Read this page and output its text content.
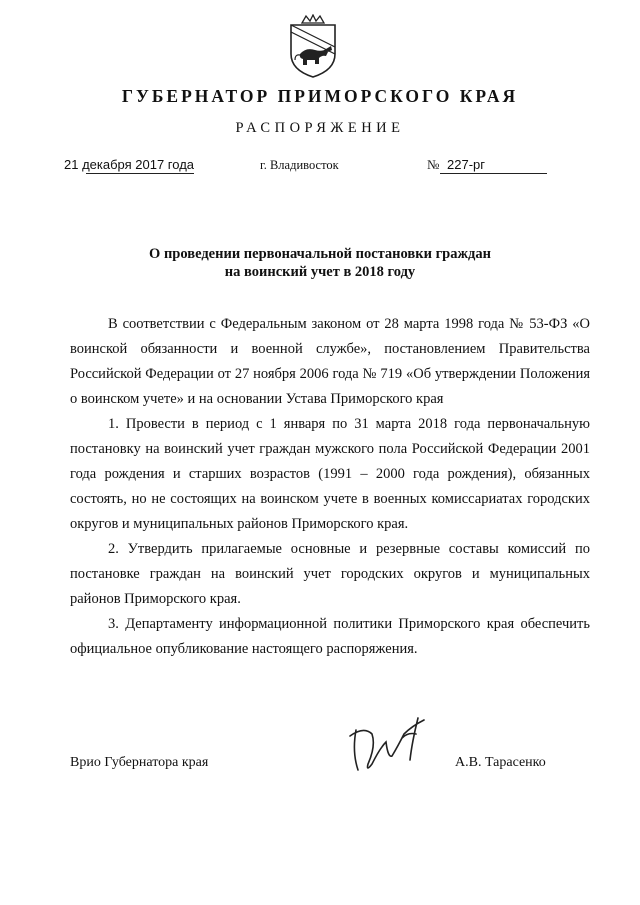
ГУБЕРНАТОР ПРИМОРСКОГО КРАЯ
РАСПОРЯЖЕНИЕ
21 декабря 2017 года	г. Владивосток	№ 227-рг
О проведении первоначальной постановки граждан
на воинский учет в 2018 году

В соответствии с Федеральным законом от 28 марта 1998 года № 53-ФЗ «О воинской обязанности и военной службе», постановлением Правительства Российской Федерации от 27 ноября 2006 года № 719 «Об утверждении Положения о воинском учете» и на основании Устава Приморского края

1. Провести в период с 1 января по 31 марта 2018 года первоначальную постановку на воинский учет граждан мужского пола Российской Федерации 2001 года рождения и старших возрастов (1991 – 2000 года рождения), обязанных состоять, но не состоящих на воинском учете в военных комиссариатах городских округов и муниципальных районов Приморского края.

2. Утвердить прилагаемые основные и резервные составы комиссий по постановке граждан на воинский учет городских округов и муниципальных районов Приморского края.

3. Департаменту информационной политики Приморского края обеспечить официальное опубликование настоящего распоряжения.

Врио Губернатора края	А.В. Тарасенко
